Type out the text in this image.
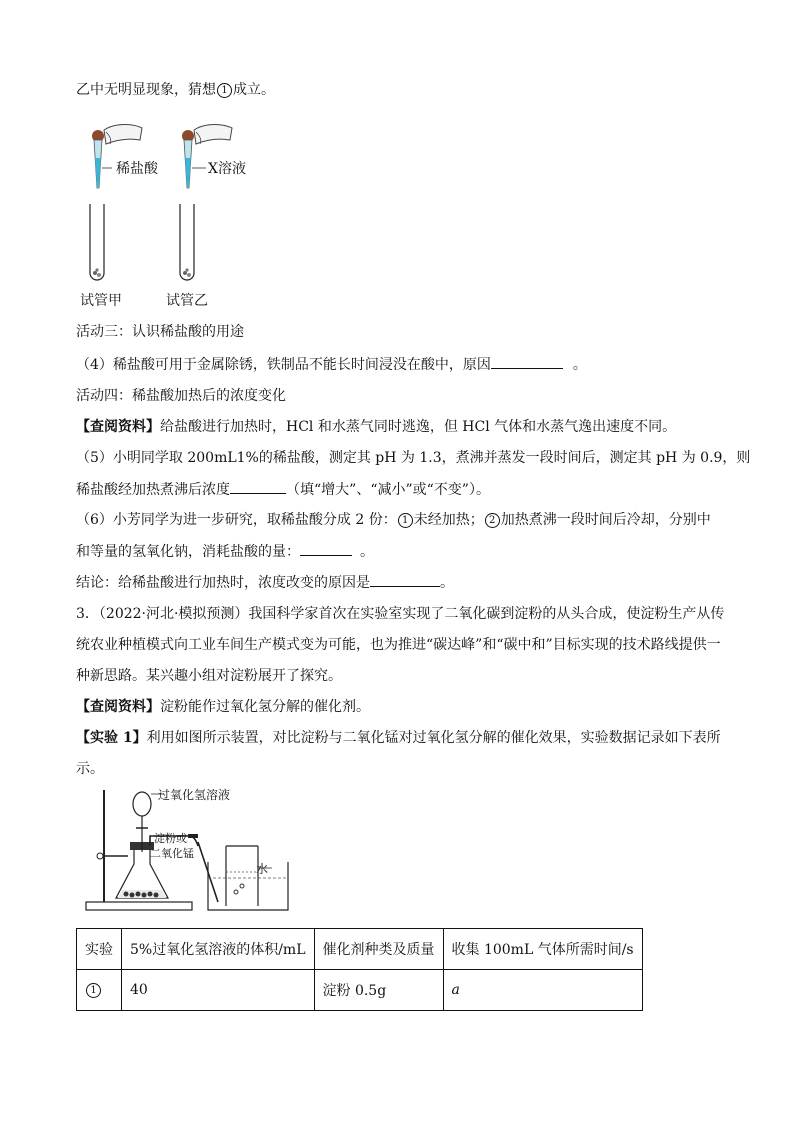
乙中无明显现象，猜想 1 成立。
稀盐酸	X溶液
试管甲	试管乙
活动三：认识稀盐酸的用途
（4）稀盐酸可用于金属除锈，铁制品不能长时间浸没在酸中，原因	。
活动四：稀盐酸加热后的浓度变化
【查阅资料】给盐酸进行加热时，HCl 和水蒸气同时逃逸，但 HCl 气体和水蒸气逸出速度不同。
（5）小明同学取 200mL1%的稀盐酸，测定其 pH 为 1.3，煮沸并蒸发一段时间后，测定其 pH 为 0.9，则
稀盐酸经加热煮沸后浓度	（填“增大”、“减小”或“不变”）。
（6）小芳同学为进一步研究，取稀盐酸分成 2 份： 1 未经加热； 2 加热煮沸一段时间后冷却，分别中
和等量的氢氧化钠，消耗盐酸的量：	。
结论：给稀盐酸进行加热时，浓度改变的原因是	。
3．（2022·河北·模拟预测）我国科学家首次在实验室实现了二氧化碳到淀粉的从头合成，使淀粉生产从传
统农业种植模式向工业车间生产模式变为可能，也为推进“碳达峰”和“碳中和”目标实现的技术路线提供一
种新思路。某兴趣小组对淀粉展开了探究。
【查阅资料】淀粉能作过氧化氢分解的催化剂。
【实验 1】利用如图所示装置，对比淀粉与二氧化锰对过氧化氢分解的催化效果，实验数据记录如下表所
示。
过氧化氢溶液
淀粉或
二氧化锰
水
实验	5%过氧化氢溶液的体积/mL	催化剂种类及质量	收集 100mL 气体所需时间/s
1	40	淀粉 0.5g	a
